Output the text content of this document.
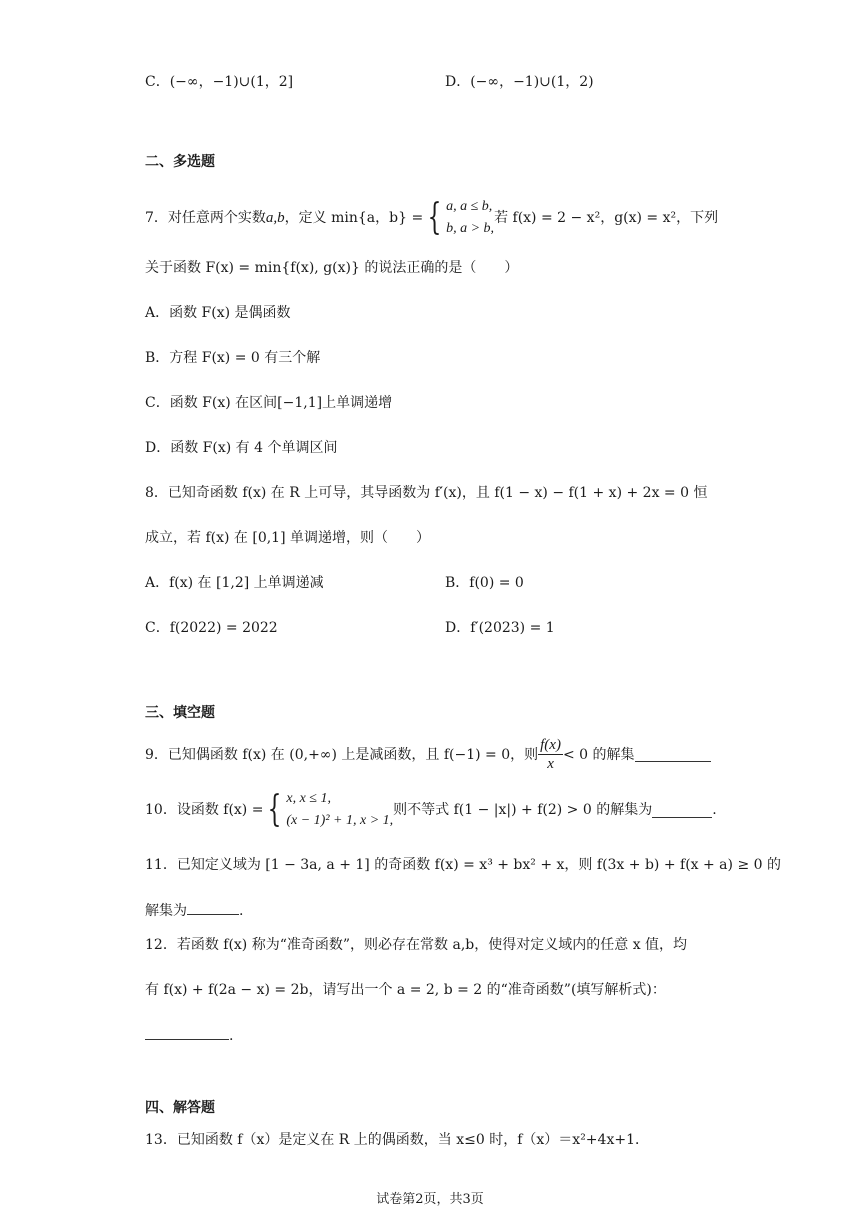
C．(−∞，−1)∪(1，2]	D．(−∞，−1)∪(1，2)
二、多选题
7．对任意两个实数 a,b ，定义 min{a，b} = { a, a ≤ b,
b, a > b,
若 f(x) = 2 − x²，g(x) = x²，下列
关于函数 F(x) = min{f(x), g(x)} 的说法正确的是（　　）
A．函数 F(x) 是偶函数
B．方程 F(x) = 0 有三个解
C．函数 F(x) 在区间[−1,1]上单调递增
D．函数 F(x) 有 4 个单调区间
8．已知奇函数 f(x) 在 R 上可导，其导函数为 f′(x)，且 f(1 − x) − f(1 + x) + 2x = 0 恒
成立，若 f(x) 在 [0,1] 单调递增，则（　　）
A．f(x) 在 [1,2] 上单调递减	B．f(0) = 0
C．f(2022) = 2022	D．f′(2023) = 1
三、填空题
9．已知偶函数 f(x) 在 (0,+∞) 上是减函数，且 f(−1) = 0，则 $\frac{f(x)}{x} < 0$ 的解集
10．设函数 f(x) = { x, x ≤ 1,
(x − 1)² + 1, x > 1,
则不等式 f(1 − |x|) + f(2) > 0 的解集为	.
11．已知定义域为 [1 − 3a, a + 1] 的奇函数 f(x) = x³ + bx² + x，则 f(3x + b) + f(x + a) ≥ 0 的
解集为	.
12．若函数 f(x) 称为“准奇函数”，则必存在常数 a,b，使得对定义域内的任意 x 值，均
有 f(x) + f(2a − x) = 2b，请写出一个 a = 2, b = 2 的“准奇函数”(填写解析式)：
.
四、解答题
13．已知函数 f（x）是定义在 R 上的偶函数，当 x≤0 时，f（x）＝x²+4x+1．
试卷第2页，共3页
